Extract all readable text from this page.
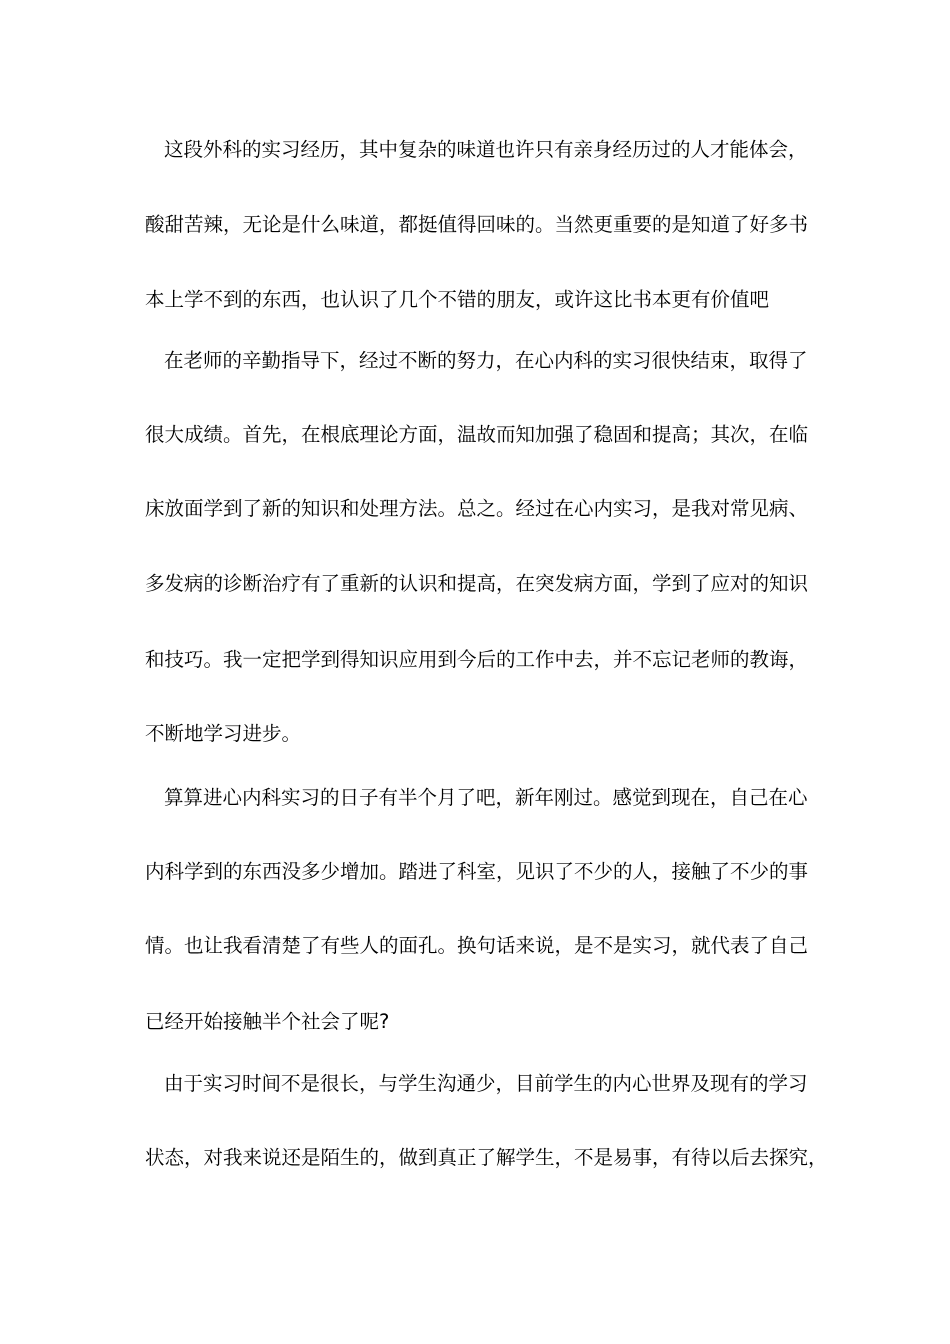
这段外科的实习经历，其中复杂的味道也许只有亲身经历过的人才能体会，
酸甜苦辣，无论是什么味道，都挺值得回味的。当然更重要的是知道了好多书
本上学不到的东西，也认识了几个不错的朋友，或许这比书本更有价值吧
在老师的辛勤指导下，经过不断的努力，在心内科的实习很快结束，取得了
很大成绩。首先，在根底理论方面，温故而知加强了稳固和提高；其次，在临
床放面学到了新的知识和处理方法。总之。经过在心内实习，是我对常见病、
多发病的诊断治疗有了重新的认识和提高，在突发病方面，学到了应对的知识
和技巧。我一定把学到得知识应用到今后的工作中去，并不忘记老师的教诲，
不断地学习进步。
算算进心内科实习的日子有半个月了吧，新年刚过。感觉到现在，自己在心
内科学到的东西没多少增加。踏进了科室，见识了不少的人，接触了不少的事
情。也让我看清楚了有些人的面孔。换句话来说，是不是实习，就代表了自己
已经开始接触半个社会了呢?
由于实习时间不是很长，与学生沟通少，目前学生的内心世界及现有的学习
状态，对我来说还是陌生的，做到真正了解学生，不是易事，有待以后去探究，
